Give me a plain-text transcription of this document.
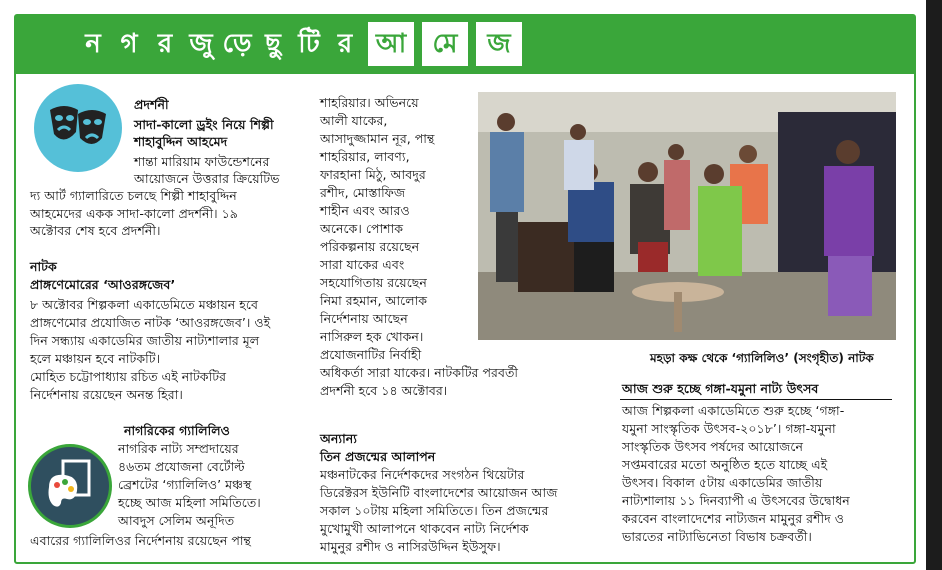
ন গ র জু ড়ে ছু টি র আ	মে	জ
প্রদর্শনী
সাদা-কালো ড্রইং নিয়ে শিল্পী
শাহাবুদ্দিন আহমেদ
শান্তা মারিয়াম ফাউন্ডেশনের
আয়োজনে উত্তরার ক্রিয়েটিভ
দ্য আর্ট গ্যালারিতে চলছে শিল্পী শাহাবুদ্দিন
আহমেদের একক সাদা-কালো প্রদর্শনী। ১৯
অক্টোবর শেষ হবে প্রদর্শনী।
নাটক
প্রাঙ্গণেমোরের ‘আওরঙ্গজেব’
৮ অক্টোবর শিল্পকলা একাডেমিতে মঞ্চায়ন হবে
প্রাঙ্গণেমোর প্রযোজিত নাটক ‘আওরঙ্গজেব’। ওই
দিন সন্ধ্যায় একাডেমির জাতীয় নাট্যশালার মূল
হলে মঞ্চায়ন হবে নাটকটি।
মোহিত চট্টোপাধ্যায় রচিত এই নাটকটির
নির্দেশনায় রয়েছেন অনন্ত হিরা।
নাগরিকের গ্যালিলিও
নাগরিক নাট্য সম্প্রদায়ের
৪৬তম প্রযোজনা বের্টোল্ট
ব্রেশটের ‘গ্যালিলিও’ মঞ্চস্থ
হচ্ছে আজ মহিলা সমিতিতে।
আবদুস সেলিম অনূদিত
এবারের গ্যালিলিওর নির্দেশনায় রয়েছেন পান্থ
শাহরিয়ার। অভিনয়ে
আলী যাকের,
আসাদুজ্জামান নূর, পান্থ
শাহরিয়ার, লাবণ্য,
ফারহানা মিঠু, আবদুর
রশীদ, মোস্তাফিজ
শাহীন এবং আরও
অনেকে। পোশাক
পরিকল্পনায় রয়েছেন
সারা যাকের এবং
সহযোগিতায় রয়েছেন
নিমা রহমান, আলোক
নির্দেশনায় আছেন
নাসিরুল হক খোকন।
প্রযোজনাটির নির্বাহী
অধিকর্তা সারা যাকের। নাটকটির পরবর্তী
প্রদর্শনী হবে ১৪ অক্টোবর।
অন্যান্য
তিন প্রজন্মের আলাপন
মঞ্চনাটকের নির্দেশকদের সংগঠন থিয়েটার
ডিরেক্টরস ইউনিটি বাংলাদেশের আয়োজন আজ
সকাল ১০টায় মহিলা সমিতিতে। তিন প্রজন্মের
মুখোমুখী আলাপনে থাকবেন নাট্য নির্দেশক
মামুনুর রশীদ ও নাসিরউদ্দিন ইউসুফ।
মহড়া কক্ষ থেকে ‘গ্যালিলিও’ (সংগৃহীত) নাটক
আজ শুরু হচ্ছে গঙ্গা-যমুনা নাট্য উৎসব
আজ শিল্পকলা একাডেমিতে শুরু হচ্ছে ‘গঙ্গা-
যমুনা সাংস্কৃতিক উৎসব-২০১৮’। গঙ্গা-যমুনা
সাংস্কৃতিক উৎসব পর্ষদের আয়োজনে
সপ্তমবারের মতো অনুষ্ঠিত হতে যাচ্ছে এই
উৎসব। বিকাল ৫টায় একাডেমির জাতীয়
নাট্যশালায় ১১ দিনব্যাপী এ উৎসবের উদ্বোধন
করবেন বাংলাদেশের নাট্যজন মামুনুর রশীদ ও
ভারতের নাট্যাভিনেতা বিভাষ চক্রবর্তী।
